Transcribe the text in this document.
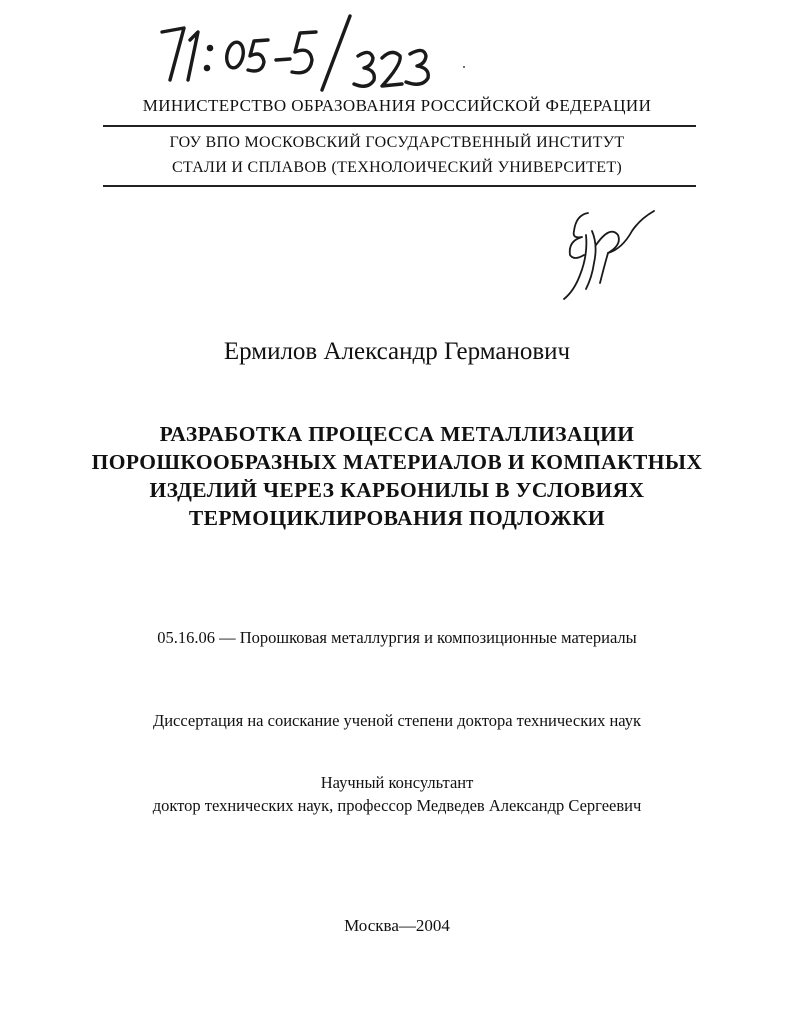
МИНИСТЕРСТВО ОБРАЗОВАНИЯ РОССИЙСКОЙ ФЕДЕРАЦИИ
ГОУ ВПО МОСКОВСКИЙ ГОСУДАРСТВЕННЫЙ ИНСТИТУТ
СТАЛИ И СПЛАВОВ (ТЕХНОЛОИЧЕСКИЙ УНИВЕРСИТЕТ)
Ермилов Александр Германович
РАЗРАБОТКА ПРОЦЕССА МЕТАЛЛИЗАЦИИ
ПОРОШКООБРАЗНЫХ МАТЕРИАЛОВ И КОМПАКТНЫХ
ИЗДЕЛИЙ ЧЕРЕЗ КАРБОНИЛЫ В УСЛОВИЯХ
ТЕРМОЦИКЛИРОВАНИЯ ПОДЛОЖКИ
05.16.06 — Порошковая металлургия и композиционные материалы
Диссертация на соискание ученой степени доктора технических наук
Научный консультант
доктор технических наук, профессор Медведев Александр Сергеевич
Москва—2004
